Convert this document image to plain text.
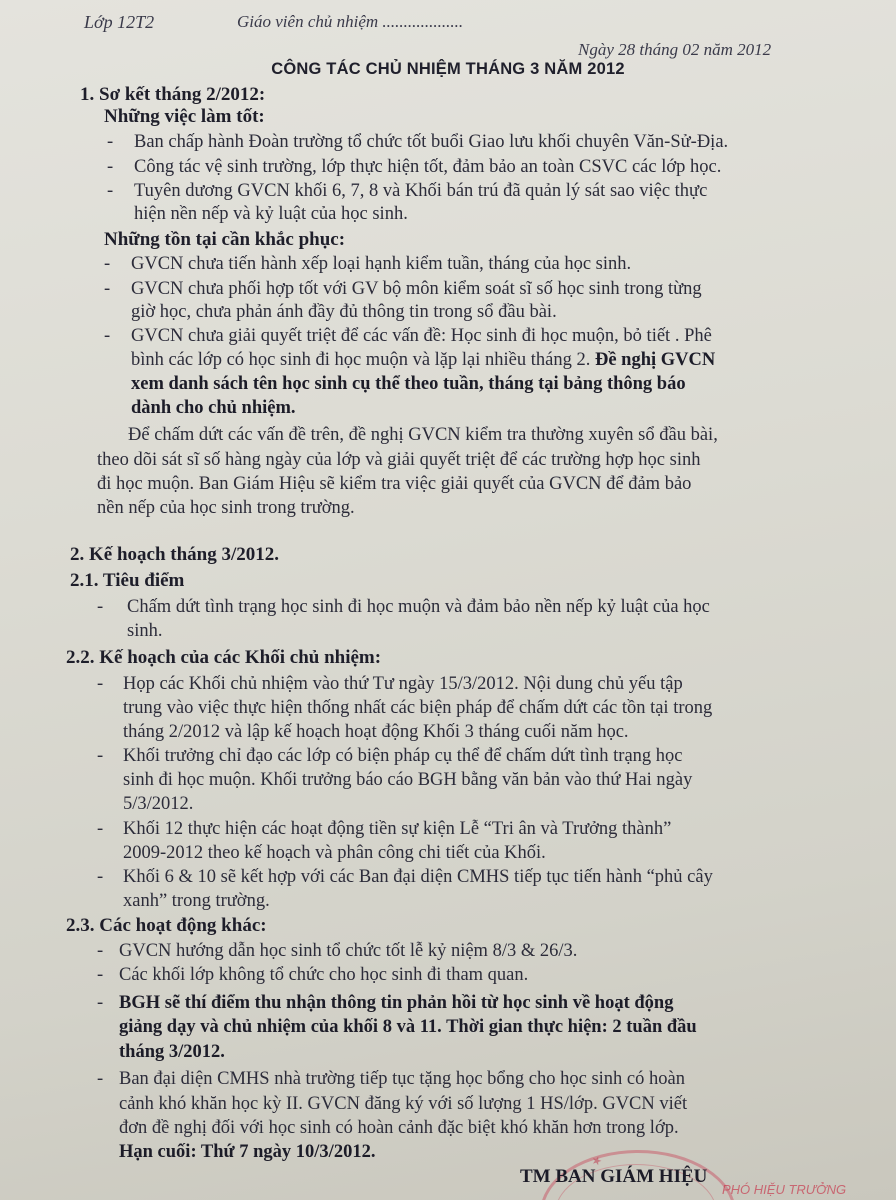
Lớp 12T2	Giáo viên chủ nhiệm ...................
Ngày 28 tháng 02 năm 2012
CÔNG TÁC CHỦ NHIỆM THÁNG 3 NĂM 2012
1. Sơ kết tháng 2/2012:
Những việc làm tốt:
- Ban chấp hành Đoàn trường tổ chức tốt buổi Giao lưu khối chuyên Văn-Sử-Địa.
- Công tác vệ sinh trường, lớp thực hiện tốt, đảm bảo an toàn CSVC các lớp học.
- Tuyên dương GVCN khối 6, 7, 8 và Khối bán trú đã quản lý sát sao việc thực
hiện nền nếp và kỷ luật của học sinh.
Những tồn tại cần khắc phục:
- GVCN chưa tiến hành xếp loại hạnh kiểm tuần, tháng của học sinh.
- GVCN chưa phối hợp tốt với GV bộ môn kiểm soát sĩ số học sinh trong từng
giờ học, chưa phản ánh đầy đủ thông tin trong sổ đầu bài.
- GVCN chưa giải quyết triệt để các vấn đề: Học sinh đi học muộn, bỏ tiết . Phê
bình các lớp có học sinh đi học muộn và lặp lại nhiều tháng 2. Đề nghị GVCN
xem danh sách tên học sinh cụ thể theo tuần, tháng tại bảng thông báo
dành cho chủ nhiệm.
Để chấm dứt các vấn đề trên, đề nghị GVCN kiểm tra thường xuyên sổ đầu bài,
theo dõi sát sĩ số hàng ngày của lớp và giải quyết triệt để các trường hợp học sinh
đi học muộn. Ban Giám Hiệu sẽ kiểm tra việc giải quyết của GVCN để đảm bảo
nền nếp của học sinh trong trường.
2. Kế hoạch tháng 3/2012.
2.1. Tiêu điểm
- Chấm dứt tình trạng học sinh đi học muộn và đảm bảo nền nếp kỷ luật của học
sinh.
2.2. Kế hoạch của các Khối chủ nhiệm:
- Họp các Khối chủ nhiệm vào thứ Tư ngày 15/3/2012. Nội dung chủ yếu tập
trung vào việc thực hiện thống nhất các biện pháp để chấm dứt các tồn tại trong
tháng 2/2012 và lập kế hoạch hoạt động Khối 3 tháng cuối năm học.
- Khối trưởng chỉ đạo các lớp có biện pháp cụ thể để chấm dứt tình trạng học
sinh đi học muộn. Khối trưởng báo cáo BGH bằng văn bản vào thứ Hai ngày
5/3/2012.
- Khối 12 thực hiện các hoạt động tiền sự kiện Lễ “Tri ân và Trưởng thành”
2009-2012 theo kế hoạch và phân công chi tiết của Khối.
- Khối 6 & 10 sẽ kết hợp với các Ban đại diện CMHS tiếp tục tiến hành “phủ cây
xanh” trong trường.
2.3. Các hoạt động khác:
- GVCN hướng dẫn học sinh tổ chức tốt lễ kỷ niệm 8/3 & 26/3.
- Các khối lớp không tổ chức cho học sinh đi tham quan.
- BGH sẽ thí điểm thu nhận thông tin phản hồi từ học sinh về hoạt động
giảng dạy và chủ nhiệm của khối 8 và 11. Thời gian thực hiện: 2 tuần đầu
tháng 3/2012.
- Ban đại diện CMHS nhà trường tiếp tục tặng học bổng cho học sinh có hoàn
cảnh khó khăn học kỳ II. GVCN đăng ký với số lượng 1 HS/lớp. GVCN viết
đơn đề nghị đối với học sinh có hoàn cảnh đặc biệt khó khăn hơn trong lớp.
Hạn cuối: Thứ 7 ngày 10/3/2012.	★
TM BAN GIÁM HIỆU
PHÓ HIỆU TRƯỞNG
